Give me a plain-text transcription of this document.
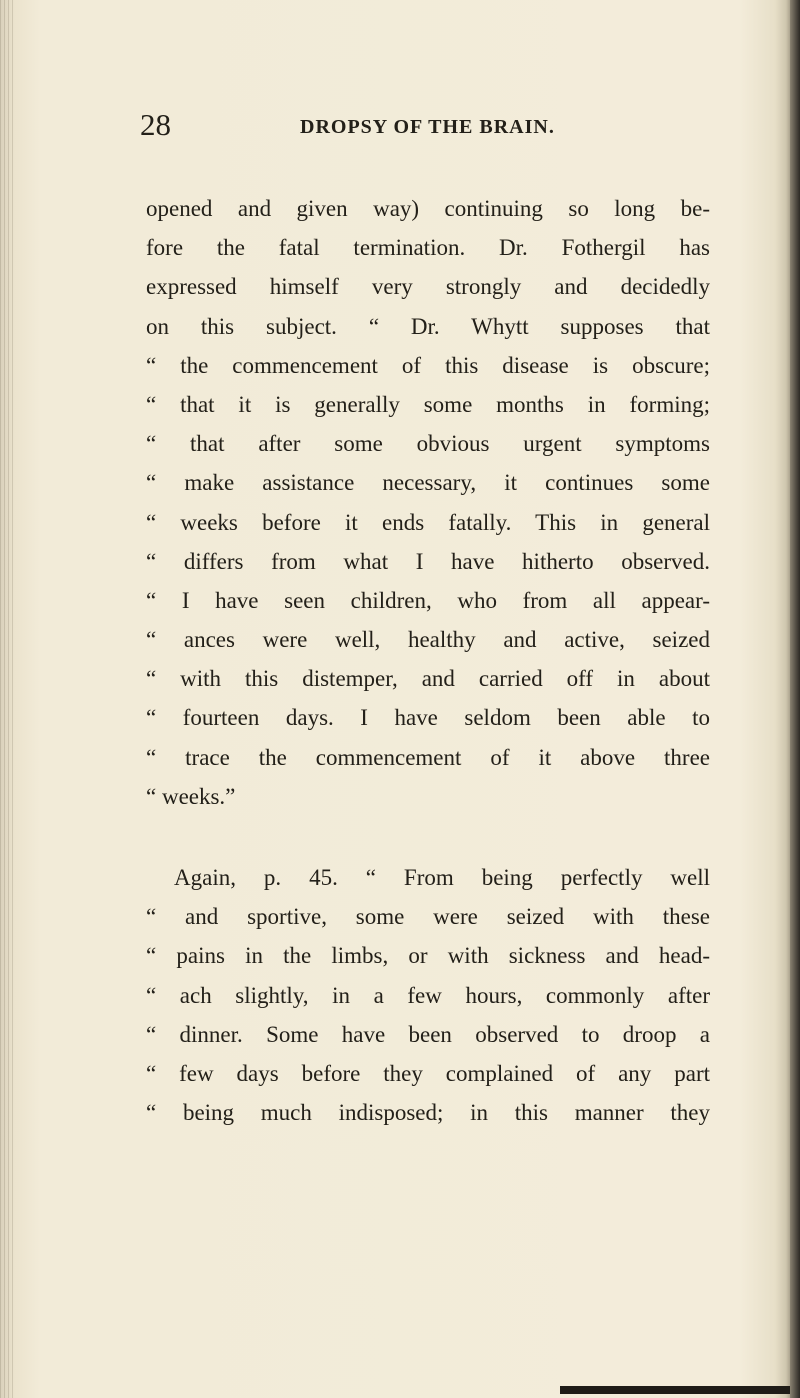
28	DROPSY OF THE BRAIN.
opened and given way) continuing so long be-
fore the fatal termination. Dr. Fothergil has
expressed himself very strongly and decidedly
on this subject. “ Dr. Whytt supposes that
“ the commencement of this disease is obscure;
“ that it is generally some months in forming;
“ that after some obvious urgent symptoms
“ make assistance necessary, it continues some
“ weeks before it ends fatally. This in general
“ differs from what I have hitherto observed.
“ I have seen children, who from all appear-
“ ances were well, healthy and active, seized
“ with this distemper, and carried off in about
“ fourteen days. I have seldom been able to
“ trace the commencement of it above three
“ weeks.”
Again, p. 45. “ From being perfectly well
“ and sportive, some were seized with these
“ pains in the limbs, or with sickness and head-
“ ach slightly, in a few hours, commonly after
“ dinner. Some have been observed to droop a
“ few days before they complained of any part
“ being much indisposed; in this manner they
